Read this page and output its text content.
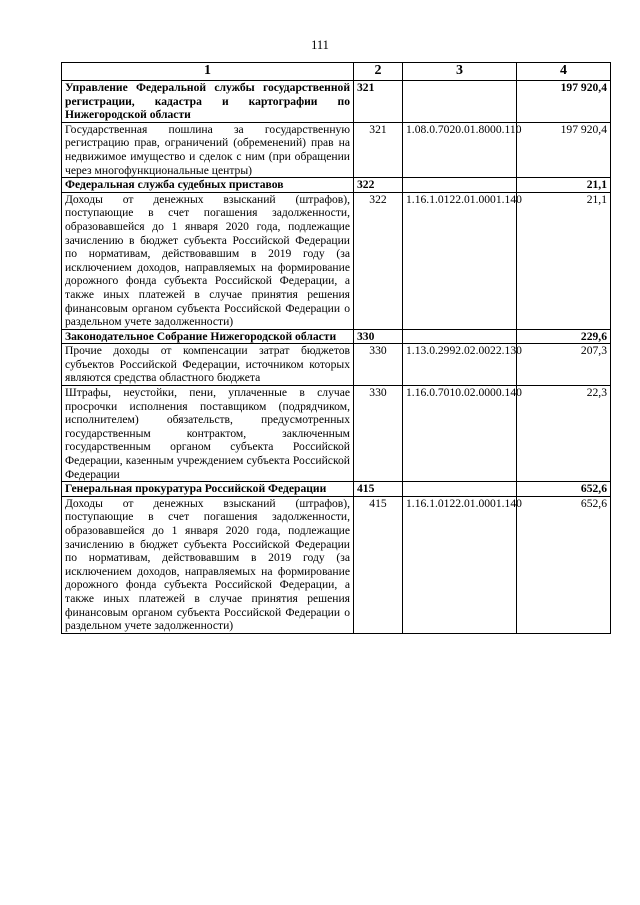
111
1	2	3	4
Управление Федеральной службы государственной регистрации, кадастра и картографии по Нижегородской области	321		197 920,4
Государственная пошлина за государственную регистрацию прав, ограничений (обременений) прав на недвижимое имущество и сделок с ним (при обращении через многофункциональные центры)	321	1.08.0.7020.01.8000.110	197 920,4
Федеральная служба судебных приставов	322		21,1
Доходы от денежных взысканий (штрафов), поступающие в счет погашения задолженности, образовавшейся до 1 января 2020 года, подлежащие зачислению в бюджет субъекта Российской Федерации по нормативам, действовавшим в 2019 году (за исключением доходов, направляемых на формирование дорожного фонда субъекта Российской Федерации, а также иных платежей в случае принятия решения финансовым органом субъекта Российской Федерации о раздельном учете задолженности)	322	1.16.1.0122.01.0001.140	21,1
Законодательное Собрание Нижегородской области	330		229,6
Прочие доходы от компенсации затрат бюджетов субъектов Российской Федерации, источником которых являются средства областного бюджета	330	1.13.0.2992.02.0022.130	207,3
Штрафы, неустойки, пени, уплаченные в случае просрочки исполнения поставщиком (подрядчиком, исполнителем) обязательств, предусмотренных государственным контрактом, заключенным государственным органом субъекта Российской Федерации, казенным учреждением субъекта Российской Федерации	330	1.16.0.7010.02.0000.140	22,3
Генеральная прокуратура Российской Федерации	415		652,6
Доходы от денежных взысканий (штрафов), поступающие в счет погашения задолженности, образовавшейся до 1 января 2020 года, подлежащие зачислению в бюджет субъекта Российской Федерации по нормативам, действовавшим в 2019 году (за исключением доходов, направляемых на формирование дорожного фонда субъекта Российской Федерации, а также иных платежей в случае принятия решения финансовым органом субъекта Российской Федерации о раздельном учете задолженности)	415	1.16.1.0122.01.0001.140	652,6
